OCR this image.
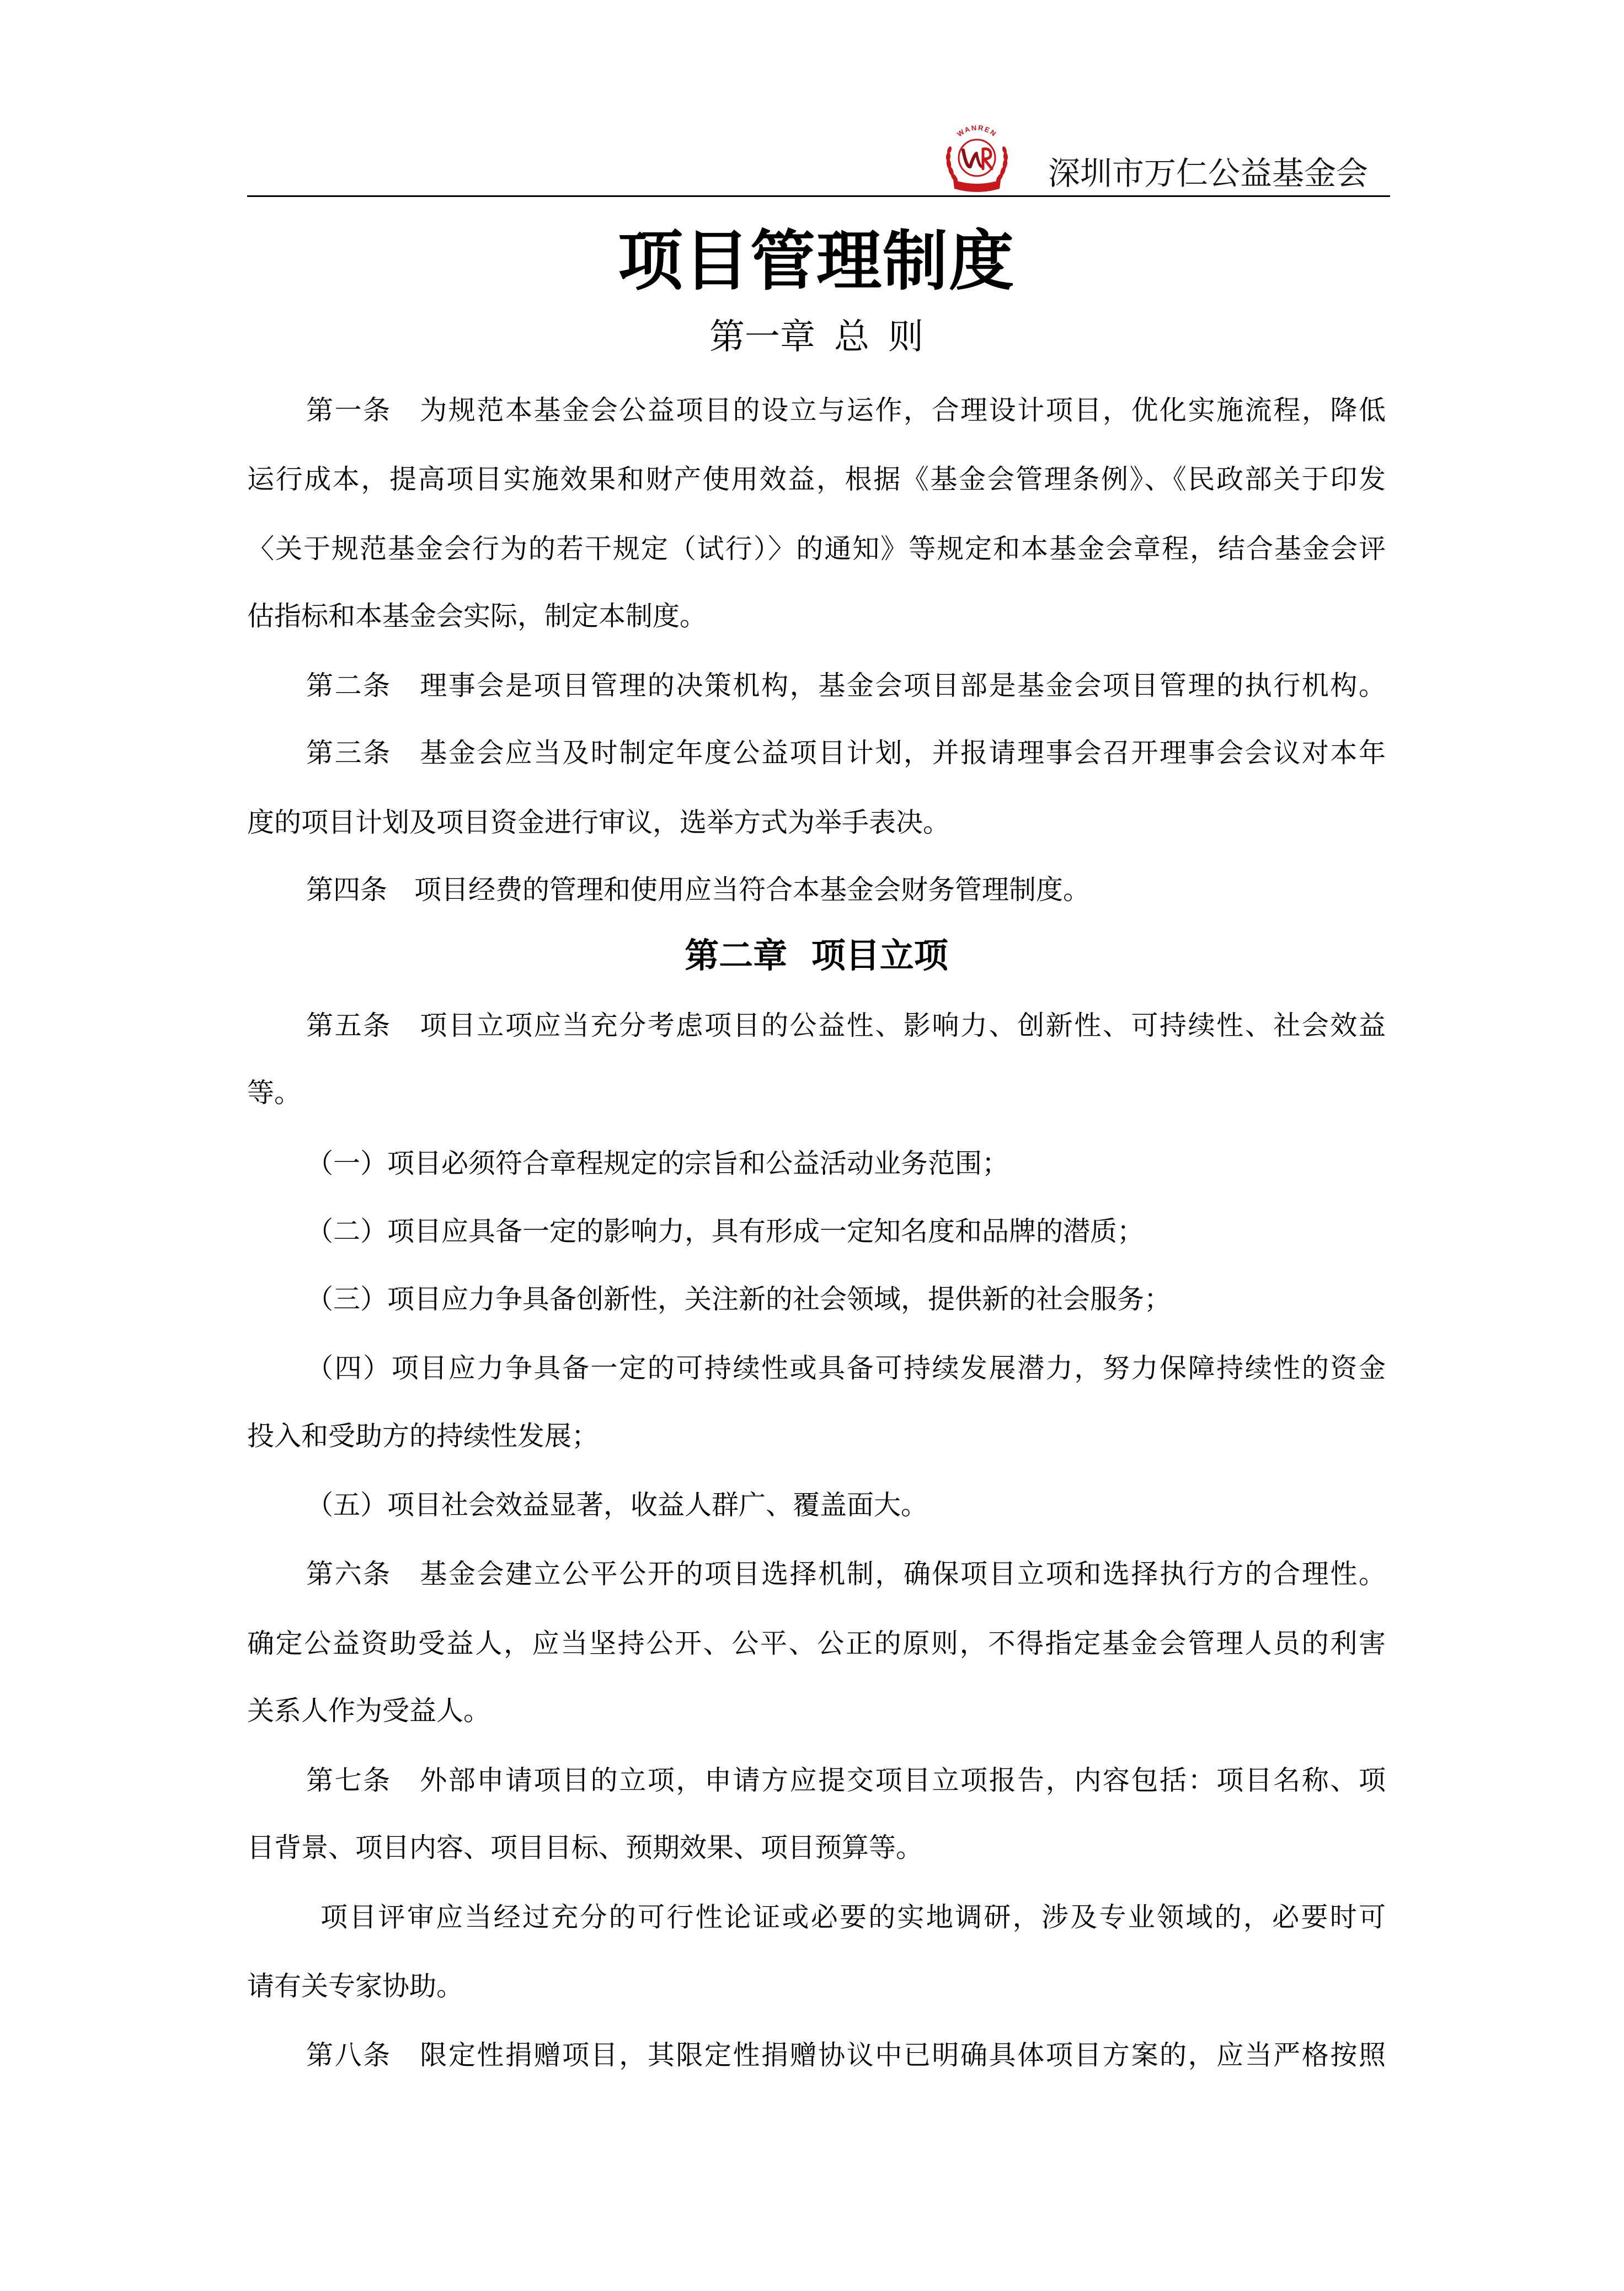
WANREN
深圳市万仁公益基金会
项目管理制度
第一章 总 则
第一条　为规范本基金会公益项目的设立与运作，合理设计项目，优化实施流程，降低
运行成本，提高项目实施效果和财产使用效益，根据《基金会管理条例》、《民政部关于印发
〈关于规范基金会行为的若干规定（试行）〉的通知》等规定和本基金会章程，结合基金会评
估指标和本基金会实际，制定本制度。
第二条　理事会是项目管理的决策机构，基金会项目部是基金会项目管理的执行机构。
第三条　基金会应当及时制定年度公益项目计划，并报请理事会召开理事会会议对本年
度的项目计划及项目资金进行审议，选举方式为举手表决。
第四条　项目经费的管理和使用应当符合本基金会财务管理制度。
第二章 项目立项
第五条　项目立项应当充分考虑项目的公益性、影响力、创新性、可持续性、社会效益
等。
（一）项目必须符合章程规定的宗旨和公益活动业务范围；
（二）项目应具备一定的影响力，具有形成一定知名度和品牌的潜质；
（三）项目应力争具备创新性，关注新的社会领域，提供新的社会服务；
（四）项目应力争具备一定的可持续性或具备可持续发展潜力，努力保障持续性的资金
投入和受助方的持续性发展；
（五）项目社会效益显著，收益人群广、覆盖面大。
第六条　基金会建立公平公开的项目选择机制，确保项目立项和选择执行方的合理性。
确定公益资助受益人，应当坚持公开、公平、公正的原则，不得指定基金会管理人员的利害
关系人作为受益人。
第七条　外部申请项目的立项，申请方应提交项目立项报告，内容包括：项目名称、项
目背景、项目内容、项目目标、预期效果、项目预算等。
项目评审应当经过充分的可行性论证或必要的实地调研，涉及专业领域的，必要时可
请有关专家协助。
第八条　限定性捐赠项目，其限定性捐赠协议中已明确具体项目方案的，应当严格按照
